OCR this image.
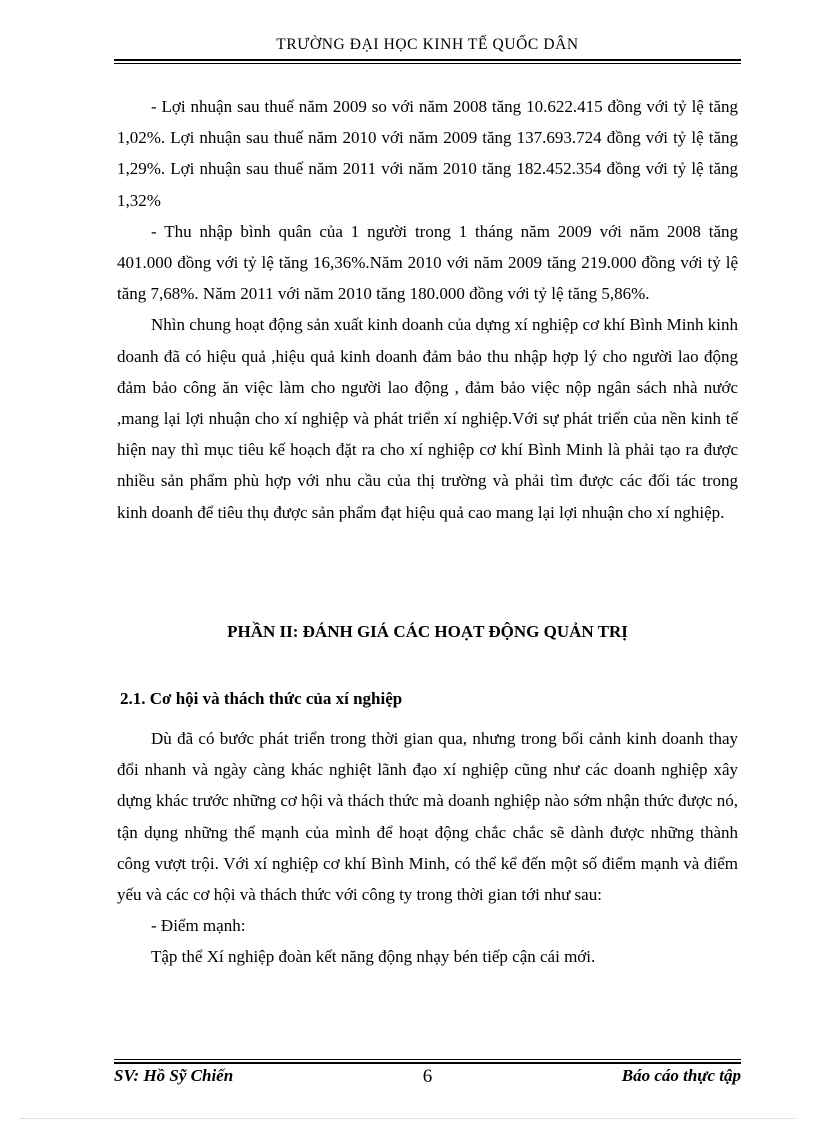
TRƯỜNG ĐẠI HỌC KINH TẾ QUỐC DÂN

- Lợi nhuận sau thuế năm 2009 so với năm 2008 tăng 10.622.415 đồng với tỷ lệ tăng 1,02%. Lợi nhuận sau thuế năm 2010 với năm 2009 tăng 137.693.724 đồng với tỷ lệ tăng 1,29%. Lợi nhuận sau thuế năm 2011 với năm 2010 tăng 182.452.354 đồng với tỷ lệ tăng 1,32%

- Thu nhập bình quân của 1 người trong 1 tháng năm 2009 với năm 2008 tăng 401.000 đồng với tỷ lệ tăng 16,36%.Năm 2010 với năm 2009 tăng 219.000 đồng với tỷ lệ tăng 7,68%. Năm 2011 với năm 2010 tăng 180.000 đồng với tỷ lệ tăng 5,86%.

Nhìn chung hoạt động sản xuất kinh doanh của dựng xí nghiệp cơ khí Bình Minh kinh doanh đã có hiệu quả ,hiệu quả kinh doanh đảm bảo thu nhập hợp lý cho người lao động đảm bảo công ăn việc làm cho người lao động , đảm bảo việc nộp ngân sách nhà nước ,mang lại lợi nhuận cho xí nghiệp và phát triển xí nghiệp.Với sự phát triển của nền kinh tế hiện nay thì mục tiêu kế hoạch đặt ra cho xí nghiệp cơ khí Bình Minh là phải tạo ra được nhiều sản phẩm phù hợp với nhu cầu của thị trường và phải tìm được các đối tác trong kinh doanh để tiêu thụ được sản phẩm đạt hiệu quả cao mang lại lợi nhuận cho xí nghiệp.

PHẦN II: ĐÁNH GIÁ CÁC HOẠT ĐỘNG QUẢN TRỊ
2.1. Cơ hội và thách thức của xí nghiệp

Dù đã có bước phát triển trong thời gian qua, nhưng trong bối cảnh kinh doanh thay đổi nhanh và ngày càng khác nghiệt lãnh đạo xí nghiệp cũng như các doanh nghiệp xây dựng khác trước những cơ hội và thách thức mà doanh nghiệp nào sớm nhận thức được nó, tận dụng những thế mạnh của mình để hoạt động chắc chắc sẽ dành được những thành công vượt trội. Với xí nghiệp cơ khí Bình Minh, có thể kể đến một số điểm mạnh và điểm yếu và các cơ hội và thách thức với công ty trong thời gian tới như sau:

- Điểm mạnh:

Tập thể Xí nghiệp đoàn kết năng động nhạy bén tiếp cận cái mới.

SV: Hồ Sỹ Chiến	6	Báo cáo thực tập
